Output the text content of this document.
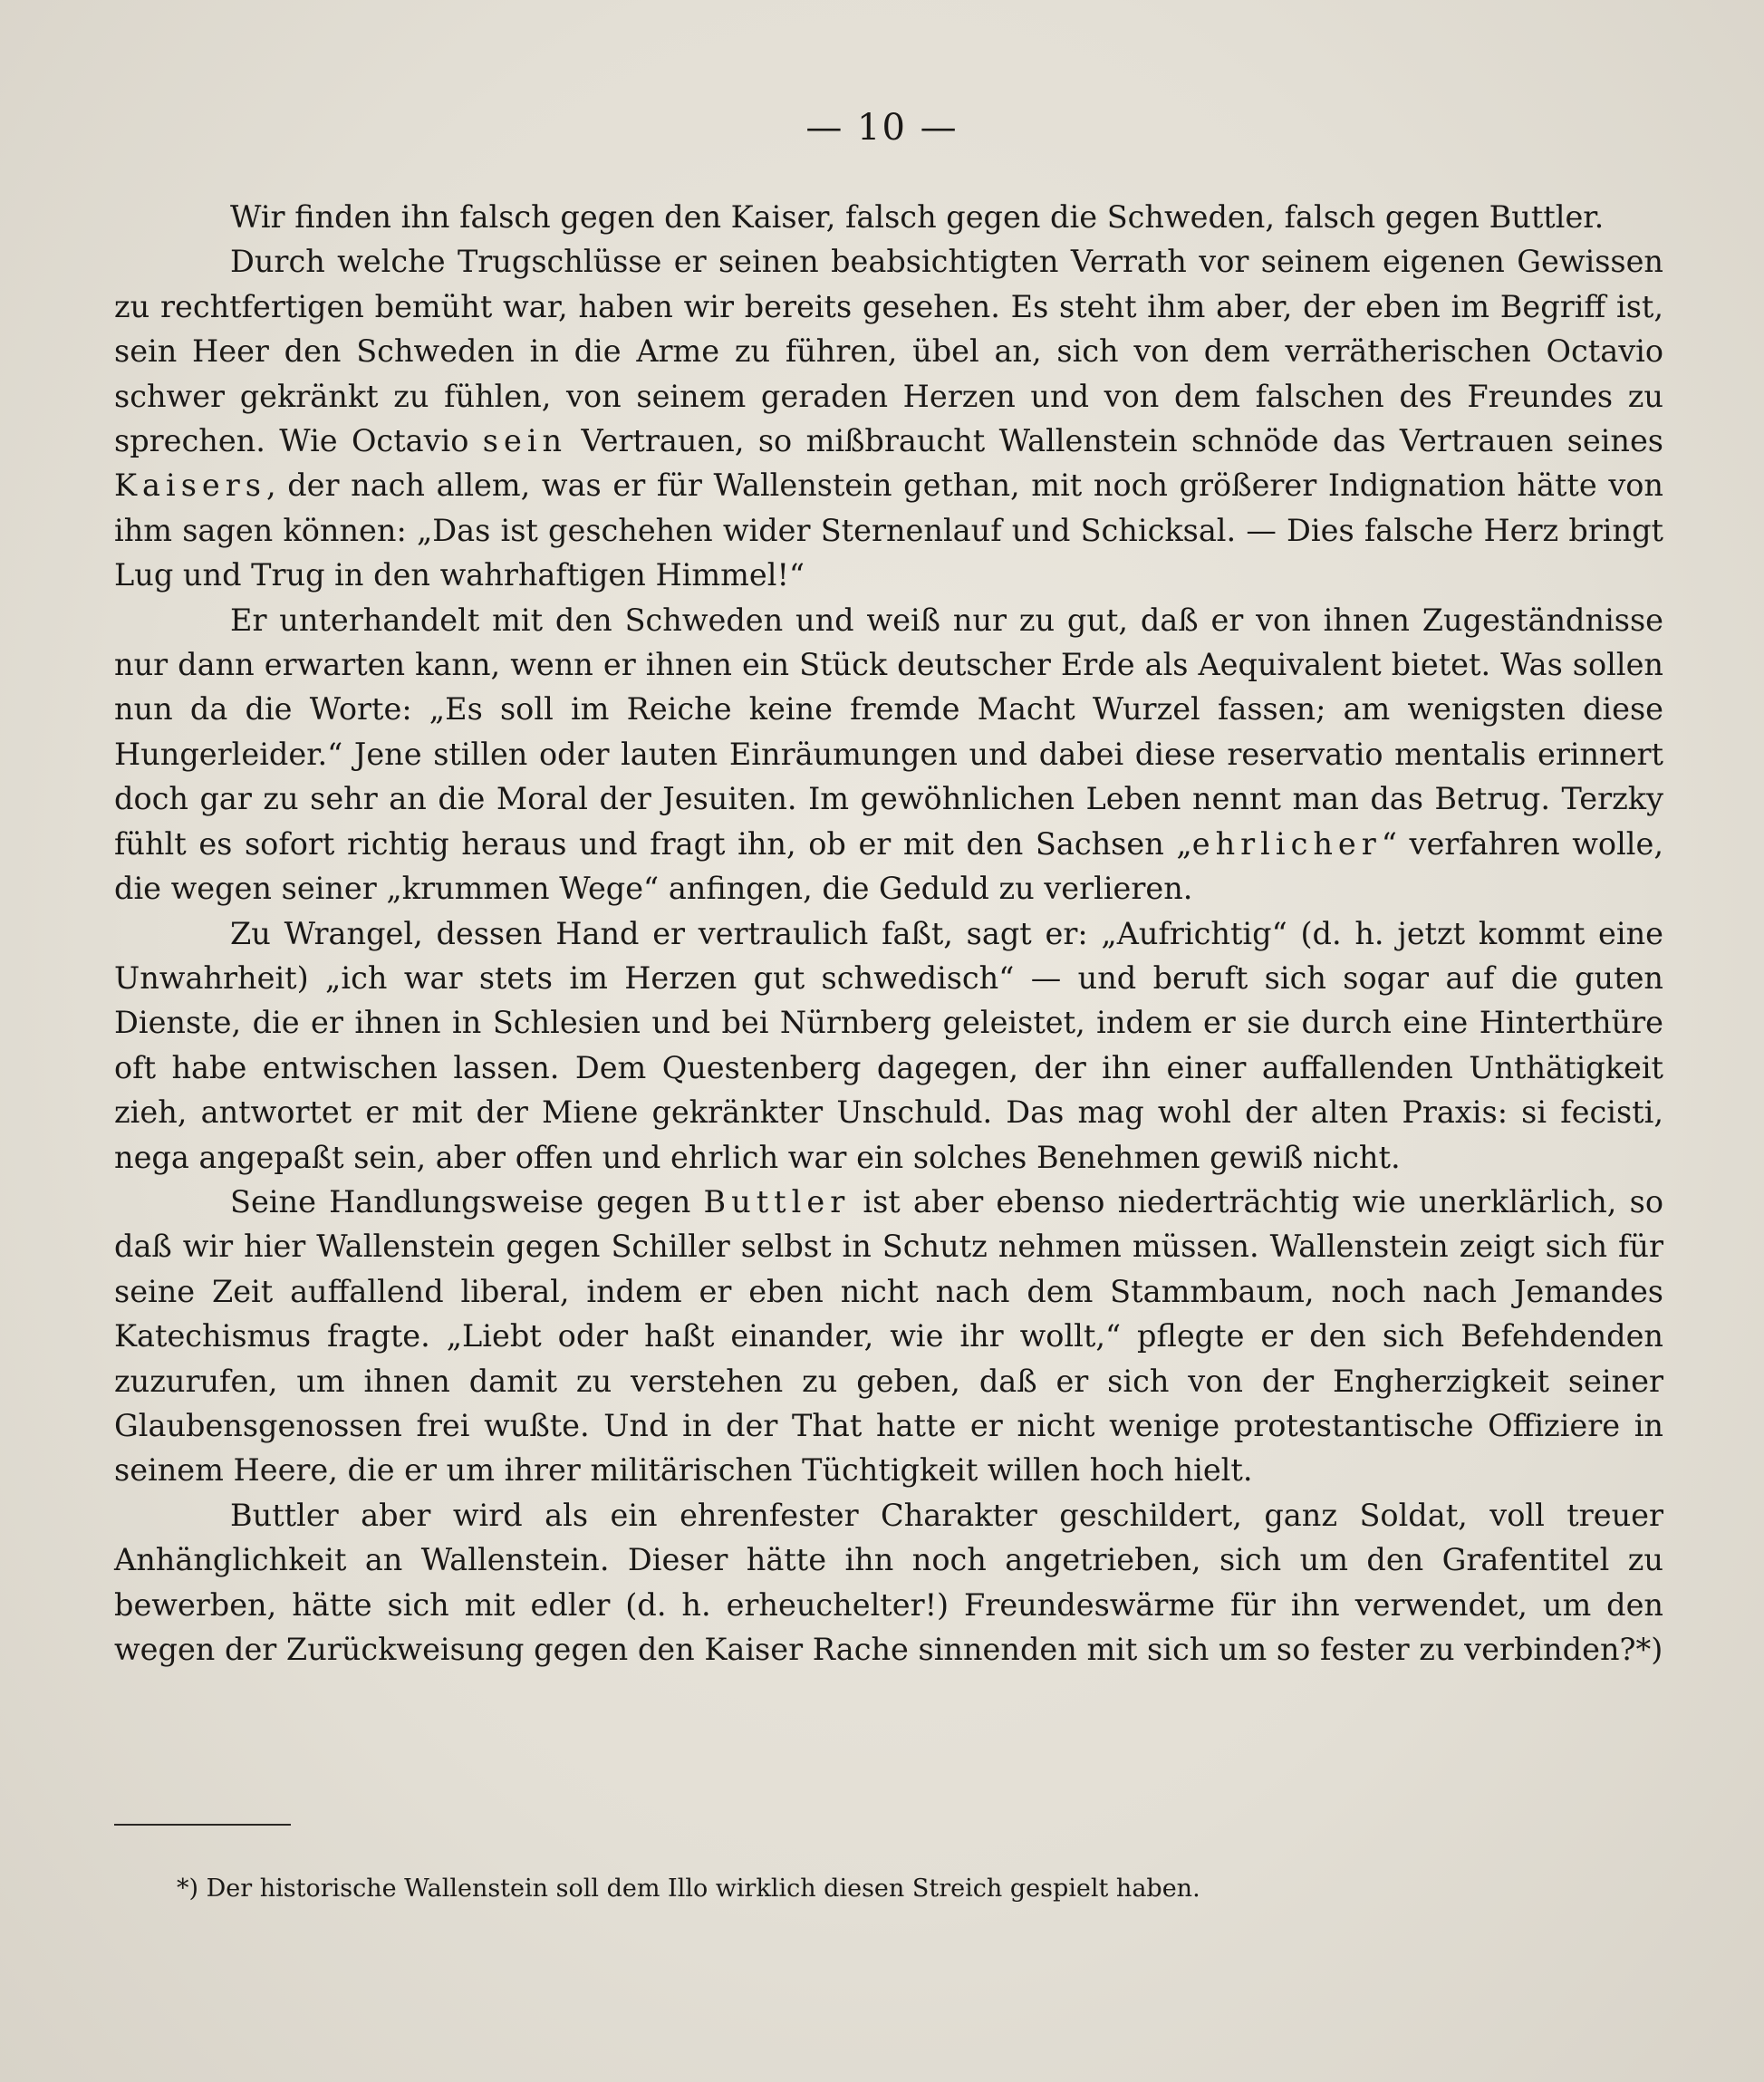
— 10 —

Wir finden ihn falsch gegen den Kaiser, falsch gegen die Schweden, falsch gegen Buttler.

Durch welche Trugschlüsse er seinen beabsichtigten Verrath vor seinem eigenen Gewissen zu rechtfertigen bemüht war, haben wir bereits gesehen. Es steht ihm aber, der eben im Begriff ist, sein Heer den Schweden in die Arme zu führen, übel an, sich von dem verrätherischen Octavio schwer gekränkt zu fühlen, von seinem geraden Herzen und von dem falschen des Freundes zu sprechen. Wie Octavio sein Vertrauen, so mißbraucht Wallenstein schnöde das Vertrauen seines Kaisers, der nach allem, was er für Wallenstein gethan, mit noch größerer Indignation hätte von ihm sagen können: „Das ist geschehen wider Sternenlauf und Schicksal. — Dies falsche Herz bringt Lug und Trug in den wahrhaftigen Himmel!“

Er unterhandelt mit den Schweden und weiß nur zu gut, daß er von ihnen Zugeständnisse nur dann erwarten kann, wenn er ihnen ein Stück deutscher Erde als Aequivalent bietet. Was sollen nun da die Worte: „Es soll im Reiche keine fremde Macht Wurzel fassen; am wenigsten diese Hungerleider.“ Jene stillen oder lauten Einräumungen und dabei diese reservatio mentalis erinnert doch gar zu sehr an die Moral der Jesuiten. Im gewöhnlichen Leben nennt man das Betrug. Terzky fühlt es sofort richtig heraus und fragt ihn, ob er mit den Sachsen „ehrlicher“ verfahren wolle, die wegen seiner „krummen Wege“ anfingen, die Geduld zu verlieren.

Zu Wrangel, dessen Hand er vertraulich faßt, sagt er: „Aufrichtig“ (d. h. jetzt kommt eine Unwahrheit) „ich war stets im Herzen gut schwedisch“ — und beruft sich sogar auf die guten Dienste, die er ihnen in Schlesien und bei Nürnberg geleistet, indem er sie durch eine Hinterthüre oft habe entwischen lassen. Dem Questenberg dagegen, der ihn einer auffallenden Unthätigkeit zieh, antwortet er mit der Miene gekränkter Unschuld. Das mag wohl der alten Praxis: si fecisti, nega angepaßt sein, aber offen und ehrlich war ein solches Benehmen gewiß nicht.

Seine Handlungsweise gegen Buttler ist aber ebenso niederträchtig wie unerklärlich, so daß wir hier Wallenstein gegen Schiller selbst in Schutz nehmen müssen. Wallenstein zeigt sich für seine Zeit auffallend liberal, indem er eben nicht nach dem Stammbaum, noch nach Jemandes Katechismus fragte. „Liebt oder haßt einander, wie ihr wollt,“ pflegte er den sich Befehdenden zuzurufen, um ihnen damit zu verstehen zu geben, daß er sich von der Engherzigkeit seiner Glaubensgenossen frei wußte. Und in der That hatte er nicht wenige protestantische Offiziere in seinem Heere, die er um ihrer militärischen Tüchtigkeit willen hoch hielt.

Buttler aber wird als ein ehrenfester Charakter geschildert, ganz Soldat, voll treuer Anhänglichkeit an Wallenstein. Dieser hätte ihn noch angetrieben, sich um den Grafentitel zu bewerben, hätte sich mit edler (d. h. erheuchelter!) Freundeswärme für ihn verwendet, um den wegen der Zurückweisung gegen den Kaiser Rache sinnenden mit sich um so fester zu verbinden?*)

*) Der historische Wallenstein soll dem Illo wirklich diesen Streich gespielt haben.
